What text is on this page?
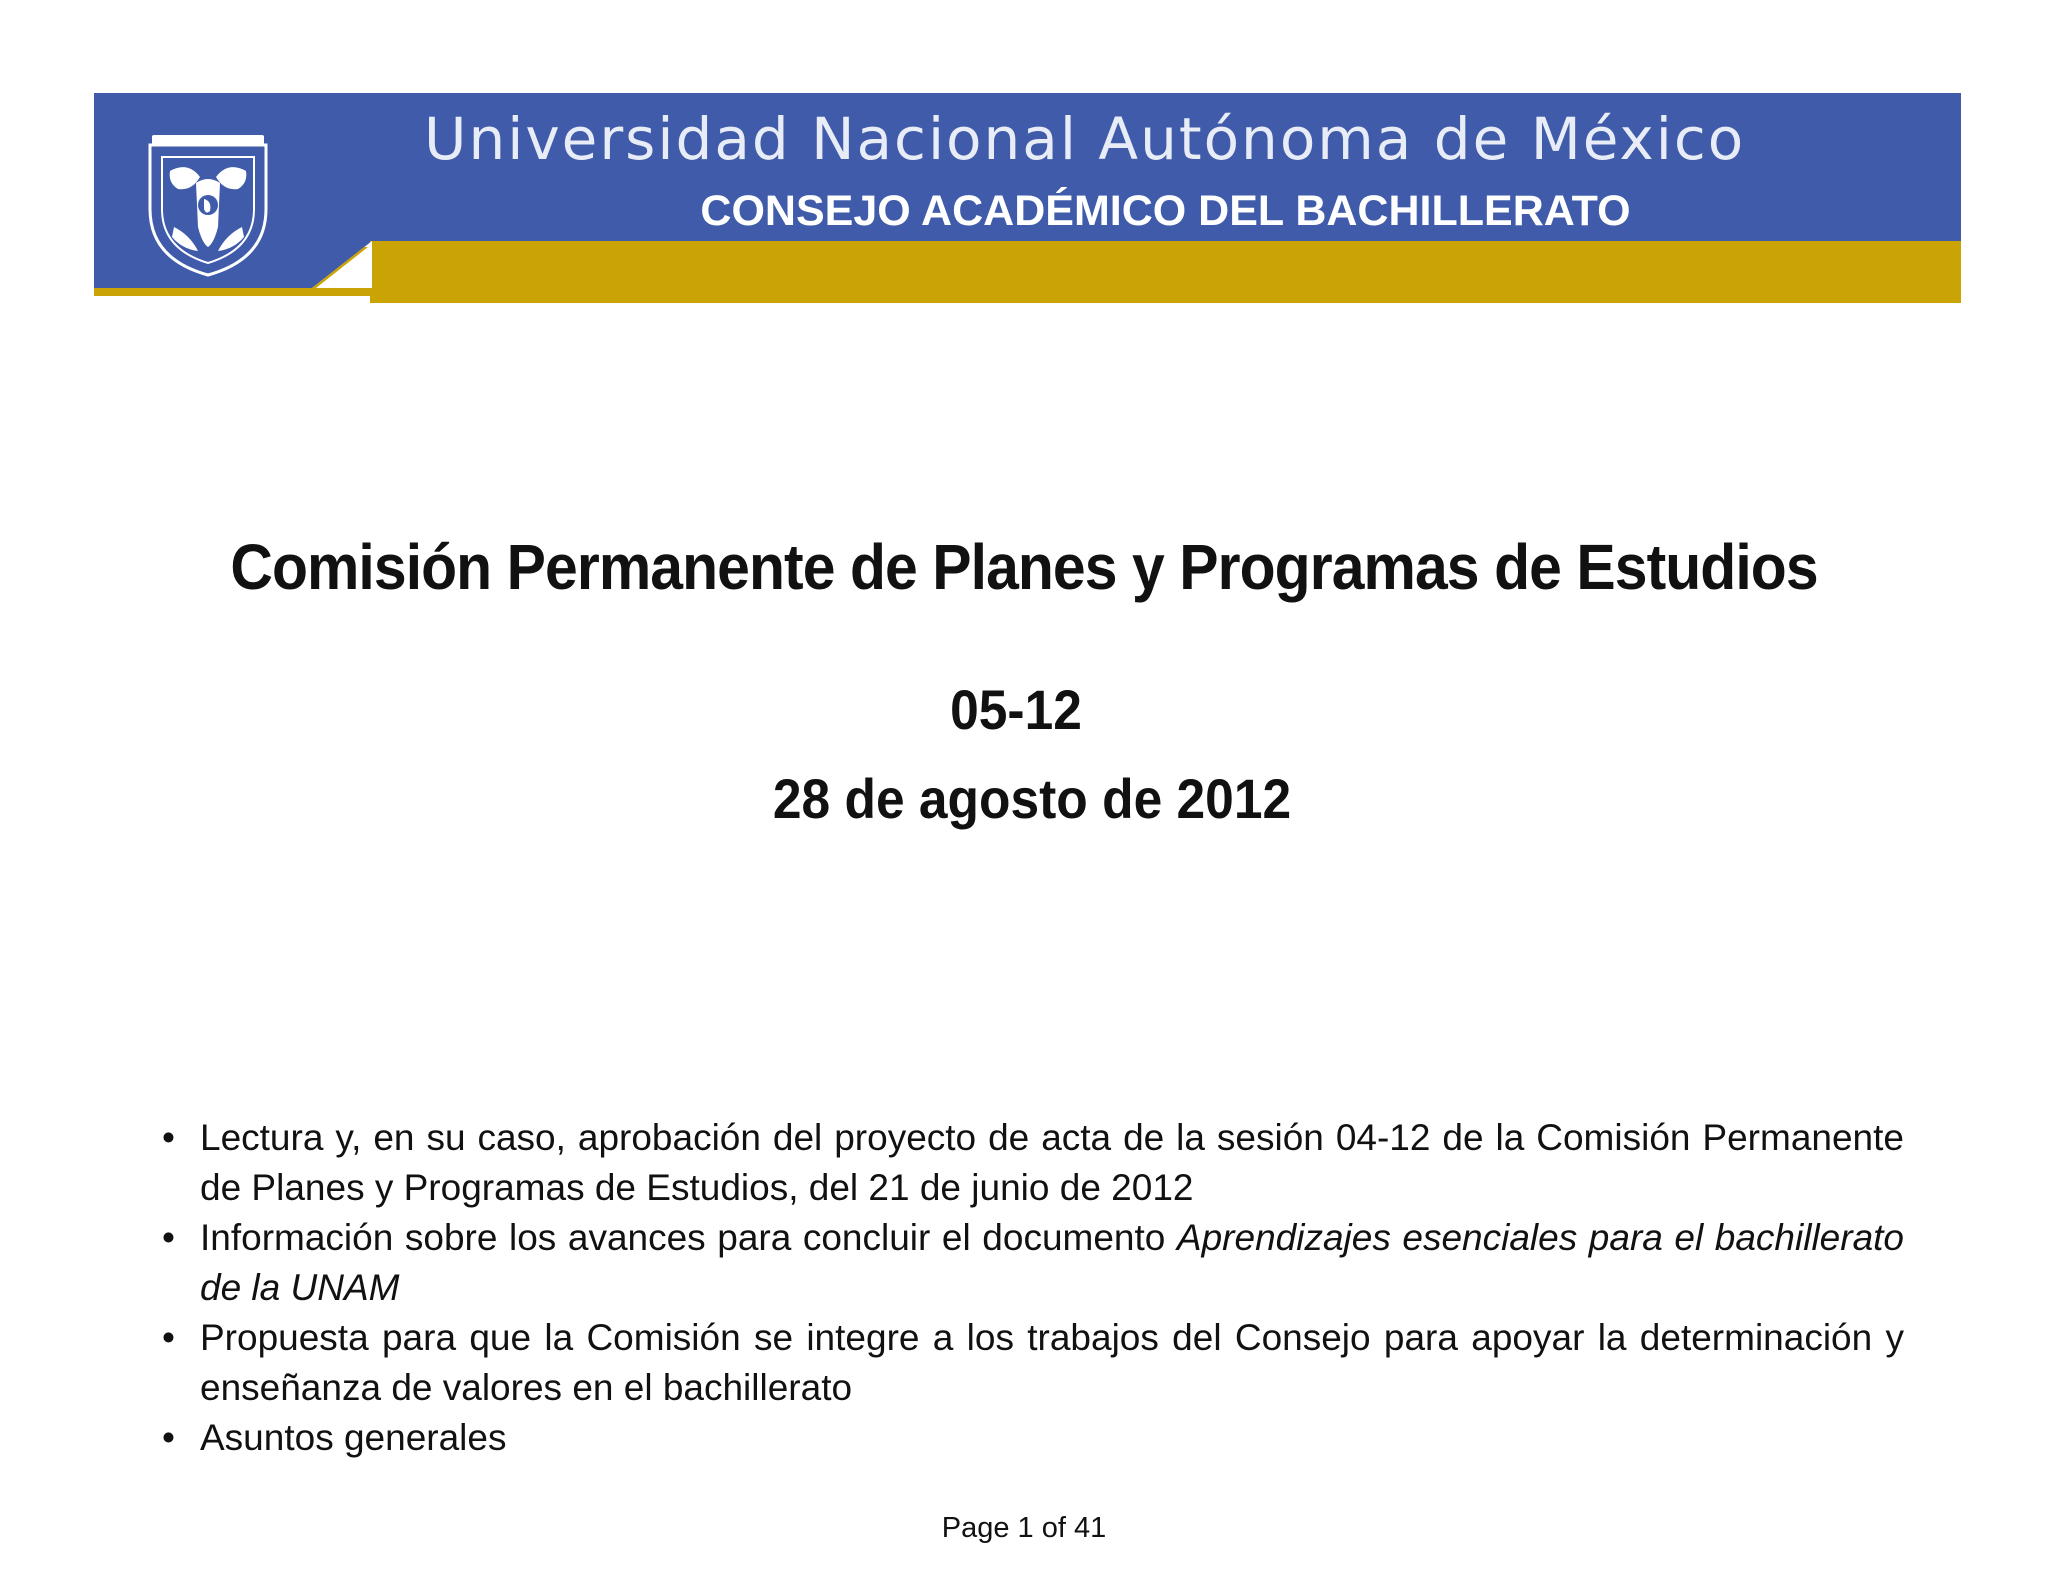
Universidad Nacional Autónoma de México
CONSEJO ACADÉMICO DEL BACHILLERATO
Comisión Permanente de Planes y Programas de Estudios
05-12
28 de agosto de 2012
• Lectura y, en su caso, aprobación del proyecto de acta de la sesión 04-12 de la Comisión Permanente de Planes y Programas de Estudios, del 21 de junio de 2012
• Información sobre los avances para concluir el documento Aprendizajes esenciales para el bachillerato de la UNAM
• Propuesta para que la Comisión se integre a los trabajos del Consejo para apoyar la determinación y enseñanza de valores en el bachillerato
• Asuntos generales
Page 1 of 41
